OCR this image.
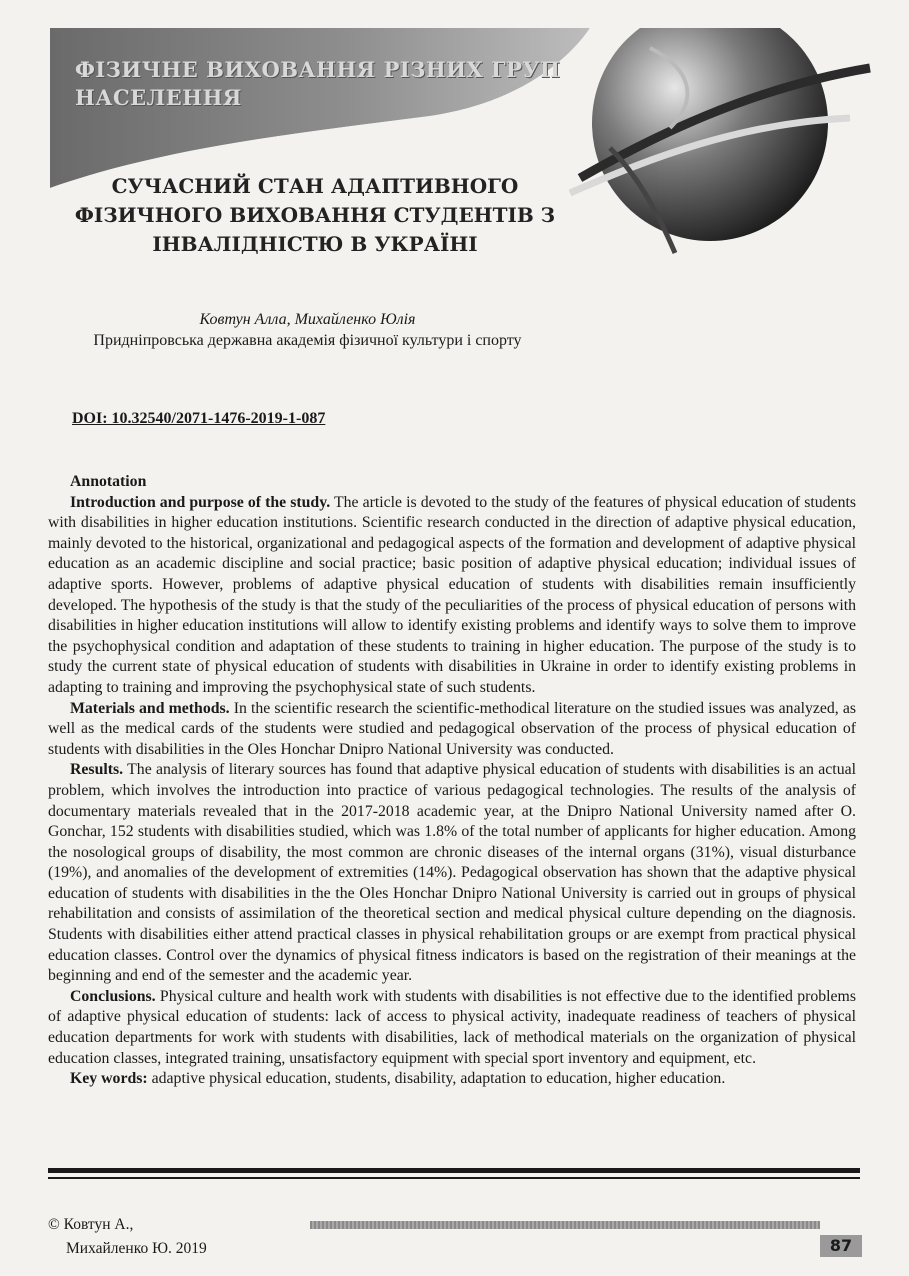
ФІЗИЧНЕ ВИХОВАННЯ РІЗНИХ ГРУП НАСЕЛЕННЯ
СУЧАСНИЙ СТАН АДАПТИВНОГО ФІЗИЧНОГО ВИХОВАННЯ СТУДЕНТІВ З ІНВАЛІДНІСТЮ В УКРАЇНІ

Ковтун Алла, Михайленко Юлія

Придніпровська державна академія фізичної культури і спорту

DOI: 10.32540/2071-1476-2019-1-087

Annotation

Introduction and purpose of the study. The article is devoted to the study of the features of physical education of students with disabilities in higher education institutions. Scientific research conducted in the direction of adaptive physical education, mainly devoted to the historical, organizational and pedagogical aspects of the formation and development of adaptive physical education as an academic discipline and social practice; basic position of adaptive physical education; individual issues of adaptive sports. However, problems of adaptive physical education of students with disabilities remain insufficiently developed. The hypothesis of the study is that the study of the peculiarities of the process of physical education of persons with disabilities in higher education institutions will allow to identify existing problems and identify ways to solve them to improve the psychophysical condition and adaptation of these students to training in higher education. The purpose of the study is to study the current state of physical education of students with disabilities in Ukraine in order to identify existing problems in adapting to training and improving the psychophysical state of such students.

Materials and methods. In the scientific research the scientific-methodical literature on the studied issues was analyzed, as well as the medical cards of the students were studied and pedagogical observation of the process of physical education of students with disabilities in the Oles Honchar Dnipro National University was conducted.

Results. The analysis of literary sources has found that adaptive physical education of students with disabilities is an actual problem, which involves the introduction into practice of various pedagogical technologies. The results of the analysis of documentary materials revealed that in the 2017-2018 academic year, at the Dnipro National University named after O. Gonchar, 152 students with disabilities studied, which was 1.8% of the total number of applicants for higher education. Among the nosological groups of disability, the most common are chronic diseases of the internal organs (31%), visual disturbance (19%), and anomalies of the development of extremities (14%). Pedagogical observation has shown that the adaptive physical education of students with disabilities in the the Oles Honchar Dnipro National University is carried out in groups of physical rehabilitation and consists of assimilation of the theoretical section and medical physical culture depending on the diagnosis. Students with disabilities either attend practical classes in physical rehabilitation groups or are exempt from practical physical education classes. Control over the dynamics of physical fitness indicators is based on the registration of their meanings at the beginning and end of the semester and the academic year.

Conclusions. Physical culture and health work with students with disabilities is not effective due to the identified problems of adaptive physical education of students: lack of access to physical activity, inadequate readiness of teachers of physical education departments for work with students with disabilities, lack of methodical materials on the organization of physical education classes, integrated training, unsatisfactory equipment with special sport inventory and equipment, etc.

Key words: adaptive physical education, students, disability, adaptation to education, higher education.

© Ковтун А.,
Михайленко Ю. 2019	87
